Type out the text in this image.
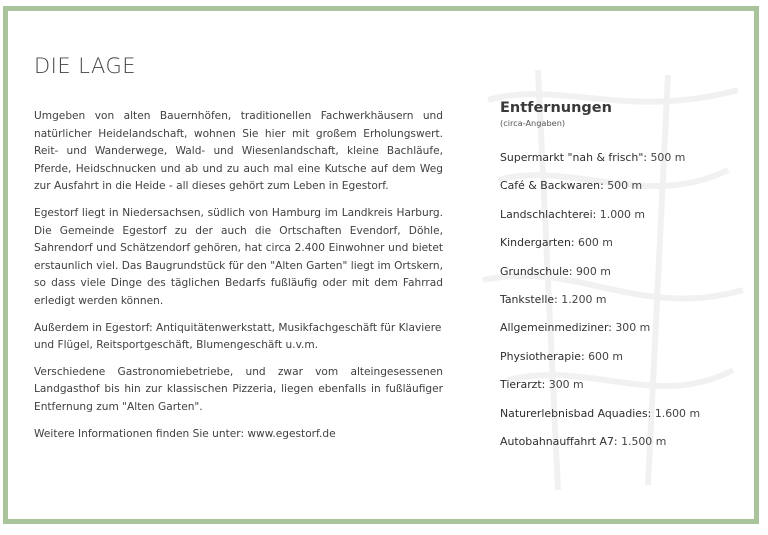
DIE LAGE

Umgeben von alten Bauernhöfen, traditionellen Fachwerkhäusern und natürlicher Heidelandschaft, wohnen Sie hier mit großem Erholungswert. Reit- und Wanderwege, Wald- und Wiesenlandschaft, kleine Bachläufe, Pferde, Heidschnucken und ab und zu auch mal eine Kutsche auf dem Weg zur Ausfahrt in die Heide - all dieses gehört zum Leben in Egestorf.

Egestorf liegt in Niedersachsen, südlich von Hamburg im Landkreis Harburg. Die Gemeinde Egestorf zu der auch die Ortschaften Evendorf, Döhle, Sahrendorf und Schätzendorf gehören, hat circa 2.400 Einwohner und bietet erstaunlich viel. Das Baugrundstück für den "Alten Garten" liegt im Ortskern, so dass viele Dinge des täglichen Bedarfs fußläufig oder mit dem Fahrrad erledigt werden können.

Außerdem in Egestorf: Antiquitätenwerkstatt, Musikfachgeschäft für Klaviere und Flügel, Reitsportgeschäft, Blumengeschäft u.v.m.

Verschiedene Gastronomiebetriebe, und zwar vom alteingesessenen Landgasthof bis hin zur klassischen Pizzeria, liegen ebenfalls in fußläufiger Entfernung zum "Alten Garten".

Weitere Informationen finden Sie unter: www.egestorf.de

Entfernungen
(circa-Angaben)
Supermarkt "nah & frisch": 500 m
Café & Backwaren: 500 m
Landschlachterei: 1.000 m
Kindergarten: 600 m
Grundschule: 900 m
Tankstelle: 1.200 m
Allgemeinmediziner: 300 m
Physiotherapie: 600 m
Tierarzt: 300 m
Naturerlebnisbad Aquadies: 1.600 m
Autobahnauffahrt A7: 1.500 m
